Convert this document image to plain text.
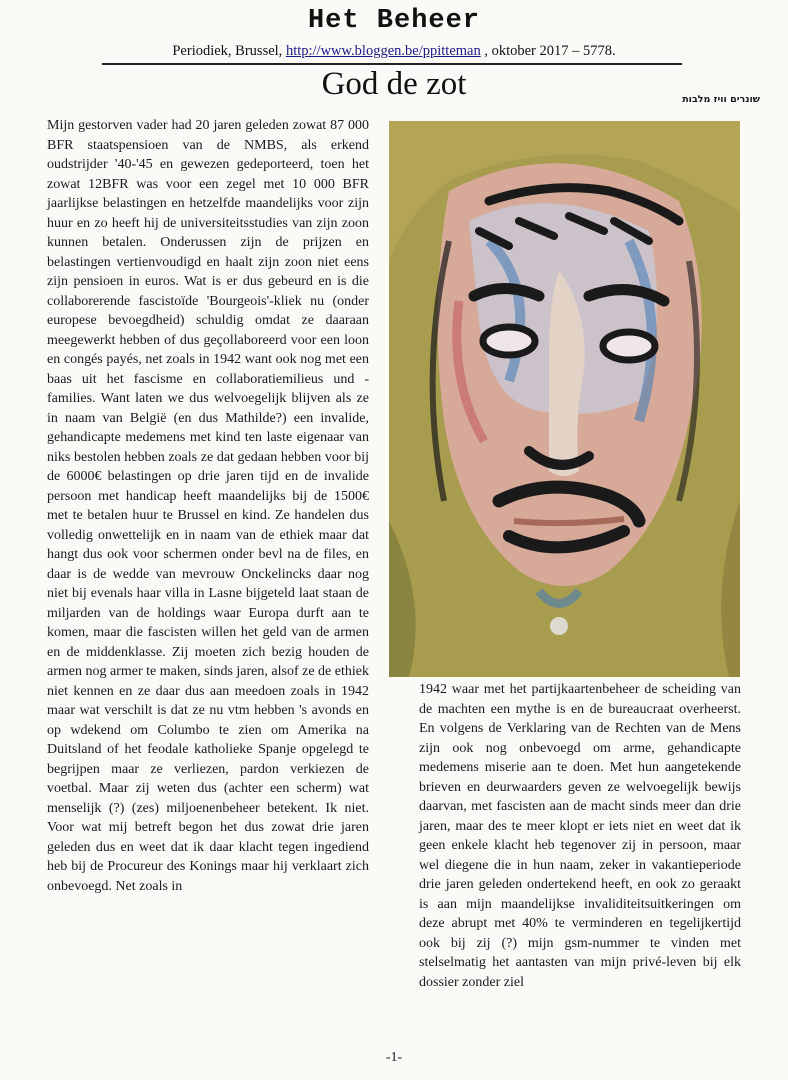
Het Beheer
Periodiek, Brussel, http://www.bloggen.be/ppitteman , oktober 2017 – 5778.
God de zot	שונרים וויז מלבות
Mijn gestorven vader had 20 jaren geleden zowat 87 000 BFR staatspensioen van de NMBS, als erkend oudstrijder '40-'45 en gewezen gedeporteerd, toen het zowat 12BFR was voor een zegel met 10 000 BFR jaarlijkse belastingen en hetzelfde maandelijks voor zijn huur en zo heeft hij de universiteitsstudies van zijn zoon kunnen betalen. Onderussen zijn de prijzen en belastingen vertienvoudigd en haalt zijn zoon niet eens zijn pensioen in euros. Wat is er dus gebeurd en is die collaborerende fascistoïde 'Bourgeois'-kliek nu (onder europese bevoegdheid) schuldig omdat ze daaraan meegewerkt hebben of dus geçollaboreerd voor een loon en congés payés, net zoals in 1942 want ook nog met een baas uit het fascisme en collaboratiemilieus und -families. Want laten we dus welvoegelijk blijven als ze in naam van België (en dus Mathilde?) een invalide, gehandicapte medemens met kind ten laste eigenaar van niks bestolen hebben zoals ze dat gedaan hebben voor bij de 6000€ belastingen op drie jaren tijd en de invalide persoon met handicap heeft maandelijks bij de 1500€ met te betalen huur te Brussel en kind. Ze handelen dus volledig onwettelijk en in naam van de ethiek maar dat hangt dus ook voor schermen onder bevl na de files, en daar is de wedde van mevrouw Onckelincks daar nog niet bij evenals haar villa in Lasne bijgeteld laat staan de miljarden van de holdings waar Europa durft aan te komen, maar die fascisten willen het geld van de armen en de middenklasse. Zij moeten zich bezig houden de armen nog armer te maken, sinds jaren, alsof ze de ethiek niet kennen en ze daar dus aan meedoen zoals in 1942 maar wat verschilt is dat ze nu vtm hebben 's avonds en op wdekend om Columbo te zien om Amerika na Duitsland of het feodale katholieke Spanje opgelegd te begrijpen maar ze verliezen, pardon verkiezen de voetbal. Maar zij weten dus (achter een scherm) wat menselijk (?) (zes) miljoenenbeheer betekent. Ik niet. Voor wat mij betreft begon het dus zowat drie jaren geleden dus en weet dat ik daar klacht tegen ingediend heb bij de Procureur des Konings maar hij verklaart zich onbevoegd. Net zoals in
1942 waar met het partijkaartenbeheer de scheiding van de machten een mythe is en de bureaucraat overheerst. En volgens de Verklaring van de Rechten van de Mens zijn ook nog onbevoegd om arme, gehandicapte medemens miserie aan te doen. Met hun aangetekende brieven en deurwaarders geven ze welvoegelijk bewijs daarvan, met fascisten aan de macht sinds meer dan drie jaren, maar des te meer klopt er iets niet en weet dat ik geen enkele klacht heb tegenover zij in persoon, maar wel diegene die in hun naam, zeker in vakantieperiode drie jaren geleden ondertekend heeft, en ook zo geraakt is aan mijn maandelijkse invaliditeitsuitkeringen om deze abrupt met 40% te verminderen en tegelijkertijd ook bij zij (?) mijn gsm-nummer te vinden met stelselmatig het aantasten van mijn privé-leven bij elk dossier zonder ziel
-1-
